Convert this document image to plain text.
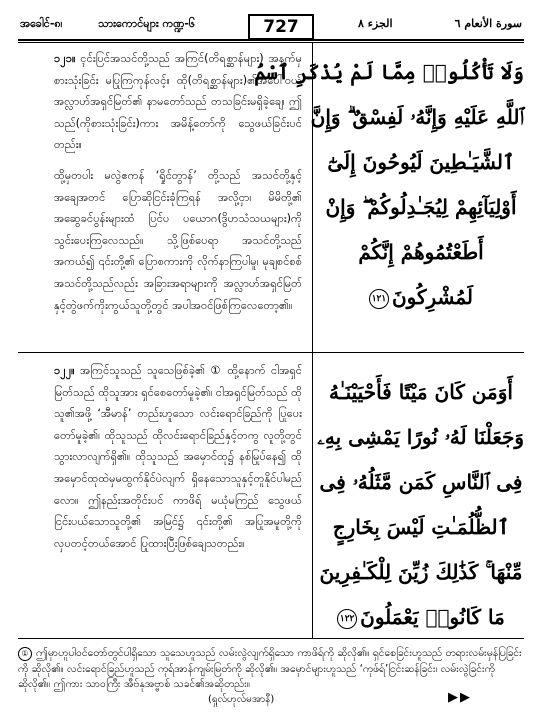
အခေါင်-၈၊	သားကောင်များ ကဏ္ဍ-၆	727	الجزء ٨	سورة الأنعام ٦

၁၂၁။ ၚင်းပြင်အသင်တို့သည် အကြင်(တိရစ္ဆာန်များ) အနက်မှစားသုံးခြင်း မပြုကြကုန်လင့်။ ထို(တိရစ္ဆာန်များ)၏အပေါ်ဝယ် အလ္လာဟ်အရှင်မြတ်၏ နာမတော်သည် တသခြင်းမရှိခဲ့ချေ၊ ဤသည်(ကိုစားသုံးခြင်း)ကား အမိန့်တော်ကို သွေဖယ်ခြင်းပင်တည်း။

ထို့မှတပါး မလွဲဧကန် ‘ရှိုင်တွာန်’ တို့သည် အသင်တို့နှင့် အချေအတင် ပြောဆိုငြင်းခုံကြရန် အလို့ငှာ၊ မိမိတို့၏ အဆွေခင်ပွန်းများထံ ပြင်ပ ပယောဂ(ဒွိဟသံသယများ)ကို သွင်းပေးကြလေသည်။ သို့ဖြစ်ပေရာ အသင်တို့သည် အကယ်၍ ၎င်းတို့၏ ပြောစကားကို လိုက်နာကြပါမူ၊ မုချစင်စစ် အသင်တို့သည်လည်း အခြားအရာများကို အလ္လာဟ်အရှင်မြတ်နှင့်တွဲဖက်ကိုးကွယ်သူတို့တွင် အပါအဝင်ဖြစ်ကြလေတော့၏။

၁၂၂။ အကြင်သူသည် သူသေဖြစ်ခဲ့၏ ① ထို့နောက် ငါအရှင်မြတ်သည် ထိုသူအား ရှင်စေတော်မူခဲ့၏၊ ငါအရှင်မြတ်သည် ထိုသူ၏အဖို့ ‘အီမာန်’ တည်းဟူသော လင်းရောင်ခြည်ကို ပြုပေးတော်မူခဲ့၏၊ ထိုသူသည် ထိုလင်းရောင်ခြည်နှင့်တကွ လူတို့တွင် သွားလာလျက်ရှိ၏။ ထိုသူသည် အမှောင်ထု၌ နစ်မြုပ်နေ၍ ထိုအမှောင်ထုထဲမှမထွက်နိုင်ပဲလျက် ရှိနေသောသူနှင့်တူနိုင်ပါမည်လော။ ဤနည်းအတိုင်းပင် ကာဖိရ် မယုံမကြည် သွေဖယ်ငြင်းပယ်သောသူတို့၏ အမြင်၌ ၎င်းတို့၏ အပြုအမူတို့ကို လှပတင့်တယ်အောင် ပြုထားပြီးဖြစ်ချေသတည်း။

وَلَا تَأْكُلُوا۟ مِمَّا لَمْ يُذْكَرِ ٱسْمُ
ٱللَّهِ عَلَيْهِ وَإِنَّهُۥ لَفِسْقٌ ۗ وَإِنَّ
ٱلشَّيَـٰطِينَ لَيُوحُونَ إِلَىٰٓ
أَوْلِيَآئِهِمْ لِيُجَـٰدِلُوكُمْ ۖ وَإِنْ
أَطَعْتُمُوهُمْ إِنَّكُمْ
لَمُشْرِكُونَ١٢١
أَوَمَن كَانَ مَيْتًا فَأَحْيَيْنَـٰهُ
وَجَعَلْنَا لَهُۥ نُورًا يَمْشِى بِهِۦ
فِى ٱلنَّاسِ كَمَن مَّثَلُهُۥ فِى
ٱلظُّلُمَـٰتِ لَيْسَ بِخَارِجٍ
مِّنْهَا ۚ كَذَٰلِكَ زُيِّنَ لِلْكَـٰفِرِينَ
مَا كَانُوا۟ يَعْمَلُونَ١٢٢
① ဤမှာဟူပါဝင်တော်တွင်ပါရှိသော သူသေဟူသည် လမ်းလွဲလျက်ရှိသော ကာဖိရ်ကို ဆိုလို၏။ ရှင်စေခြင်းဟူသည် တရားလမ်းမှန်ပြခြင်းကို ဆိုလို၏။ လင်းရောင်ခြည်ဟူသည် ကုရ်အာန်ကျမ်းမြတ်ကို ဆိုလို၏။ အမှောင်များဟူသည် ‘ကုဖ်ရ်’ငြင်းဆန်ခြင်း၊ လမ်းလွဲခြင်းကိုဆိုလို၏။ ဤကား သာဝကြီး အီဗ်နုအဗ္ဗာစ် သခင်၏အဆိုတည်း။
(ရှုလ်ဟုလ်မအာနီ)	▶▶
